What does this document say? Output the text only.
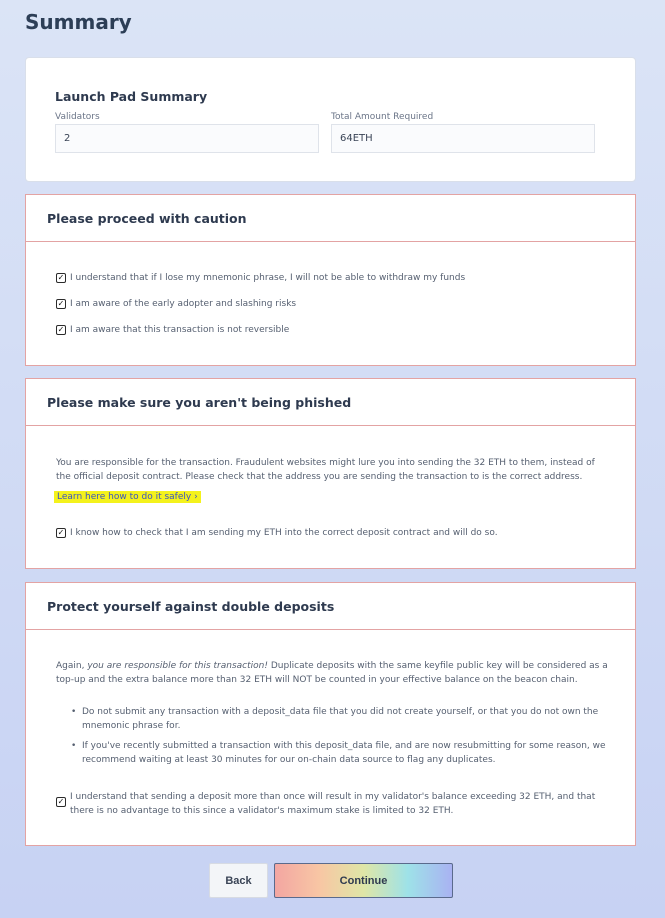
Summary
Launch Pad Summary
Validators
2
Total Amount Required
64ETH
Please proceed with caution
✓ I understand that if I lose my mnemonic phrase, I will not be able to withdraw my funds
✓ I am aware of the early adopter and slashing risks
✓ I am aware that this transaction is not reversible
Please make sure you aren't being phished
You are responsible for the transaction. Fraudulent websites might lure you into sending the 32 ETH to them, instead of the official deposit contract. Please check that the address you are sending the transaction to is the correct address.
Learn here how to do it safely ›
✓ I know how to check that I am sending my ETH into the correct deposit contract and will do so.
Protect yourself against double deposits
Again, you are responsible for this transaction! Duplicate deposits with the same keyfile public key will be considered as a top-up and the extra balance more than 32 ETH will NOT be counted in your effective balance on the beacon chain.
• Do not submit any transaction with a deposit_data file that you did not create yourself, or that you do not own the mnemonic phrase for.
• If you've recently submitted a transaction with this deposit_data file, and are now resubmitting for some reason, we recommend waiting at least 30 minutes for our on-chain data source to flag any duplicates.
✓ I understand that sending a deposit more than once will result in my validator's balance exceeding 32 ETH, and that there is no advantage to this since a validator's maximum stake is limited to 32 ETH.
Back	Continue
